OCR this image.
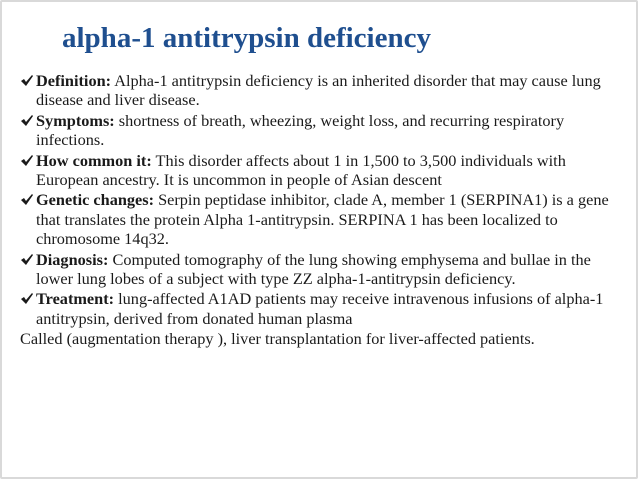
alpha-1 antitrypsin deficiency
Definition: Alpha-1 antitrypsin deficiency is an inherited disorder that may cause lung disease and liver disease.
Symptoms: shortness of breath, wheezing, weight loss, and recurring respiratory infections.
How common it: This disorder affects about 1 in 1,500 to 3,500 individuals with European ancestry. It is uncommon in people of Asian descent
Genetic changes: Serpin peptidase inhibitor, clade A, member 1 (SERPINA1) is a gene that translates the protein Alpha 1-antitrypsin. SERPINA 1 has been localized to chromosome 14q32.
Diagnosis: Computed tomography of the lung showing emphysema and bullae in the lower lung lobes of a subject with type ZZ alpha-1-antitrypsin deficiency.
Treatment: lung-affected A1AD patients may receive intravenous infusions of alpha-1 antitrypsin, derived from donated human plasma
Called (augmentation therapy ), liver transplantation for liver-affected patients.
